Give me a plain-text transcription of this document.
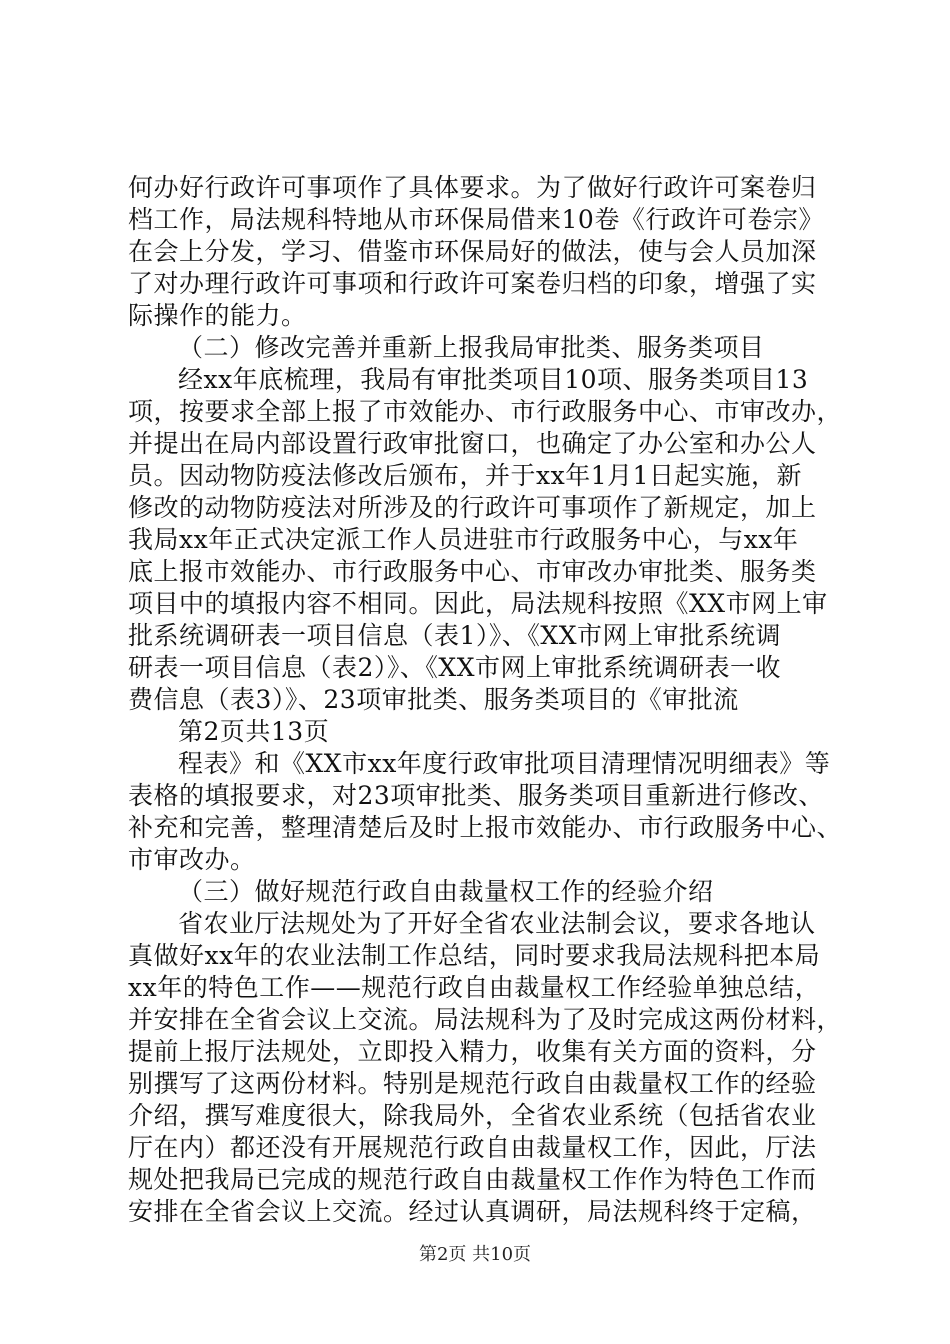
何办好行政许可事项作了具体要求。为了做好行政许可案卷归
档工作，局法规科特地从市环保局借来10卷《行政许可卷宗》
在会上分发，学习、借鉴市环保局好的做法，使与会人员加深
了对办理行政许可事项和行政许可案卷归档的印象，增强了实
际操作的能力。
（二）修改完善并重新上报我局审批类、服务类项目
经xx年底梳理，我局有审批类项目10项、服务类项目13
项，按要求全部上报了市效能办、市行政服务中心、市审改办，
并提出在局内部设置行政审批窗口，也确定了办公室和办公人
员。因动物防疫法修改后颁布，并于xx年1月1日起实施，新
修改的动物防疫法对所涉及的行政许可事项作了新规定，加上
我局xx年正式决定派工作人员进驻市行政服务中心，与xx年
底上报市效能办、市行政服务中心、市审改办审批类、服务类
项目中的填报内容不相同。因此，局法规科按照《XX市网上审
批系统调研表一项目信息（表1）》、《XX市网上审批系统调
研表一项目信息（表2）》、《XX市网上审批系统调研表一收
费信息（表3）》、23项审批类、服务类项目的《审批流
第2页共13页
程表》和《XX市xx年度行政审批项目清理情况明细表》等
表格的填报要求，对23项审批类、服务类项目重新进行修改、
补充和完善，整理清楚后及时上报市效能办、市行政服务中心、
市审改办。
（三）做好规范行政自由裁量权工作的经验介绍
省农业厅法规处为了开好全省农业法制会议，要求各地认
真做好xx年的农业法制工作总结，同时要求我局法规科把本局
xx年的特色工作——规范行政自由裁量权工作经验单独总结，
并安排在全省会议上交流。局法规科为了及时完成这两份材料，
提前上报厅法规处，立即投入精力，收集有关方面的资料，分
别撰写了这两份材料。特别是规范行政自由裁量权工作的经验
介绍，撰写难度很大，除我局外，全省农业系统（包括省农业
厅在内）都还没有开展规范行政自由裁量权工作，因此，厅法
规处把我局已完成的规范行政自由裁量权工作作为特色工作而
安排在全省会议上交流。经过认真调研，局法规科终于定稿，
第2页 共10页
